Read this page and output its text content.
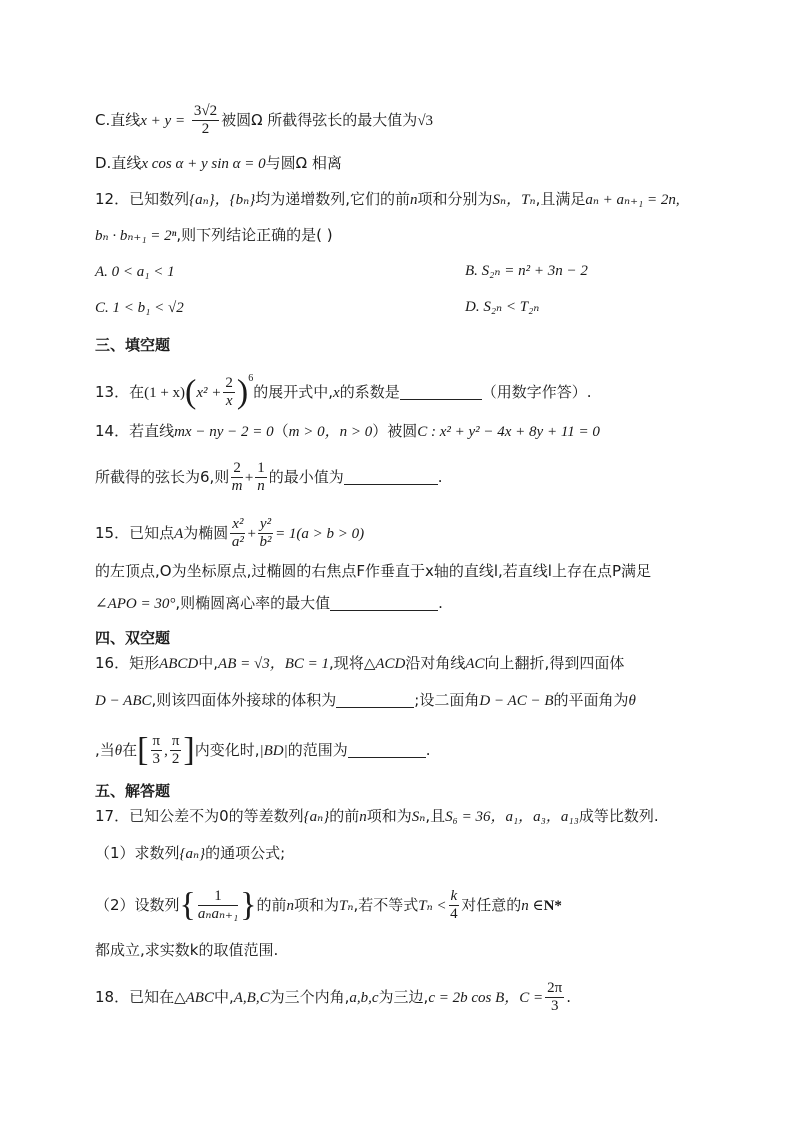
C.直线$x + y = \frac{3√2}{2}$ 被圆Ω 所截得弦长的最大值为√3
D.直线x cos α + y sin α = 0与圆Ω 相离
12．已知数列{aₙ}，{bₙ}均为递增数列,它们的前n项和分别为Sₙ，Tₙ,且满足aₙ + aₙ₊₁ = 2n,
bₙ · bₙ₊₁ = 2ⁿ,则下列结论正确的是( )
A. 0 < a₁ < 1	B. S₂ₙ = n² + 3n − 2
C. 1 < b₁ < √2	D. S₂ₙ < T₂ₙ
三、填空题
13．在$(1 + x)(x^2 + \frac{2}{x} )^6$的展开式中,x的系数是	（用数字作答）.
14．若直线mx − ny − 2 = 0（m > 0，n > 0）被圆C : x² + y² − 4x + 8y + 11 = 0
所截得的弦长为6,则 $\frac{2}{m} + \frac{1}{n}$ 的最小值为	.
15．已知点A为椭圆 $\frac{\text{x²}}{\text{a²}} + \frac{\text{y²}}{\text{b²}} = 1(a > b > 0)$
的左顶点,O为坐标原点,过椭圆的右焦点F作垂直于x轴的直线l,若直线l上存在点P满足
∠APO = 30°,则椭圆离心率的最大值	.
四、双空题
16．矩形ABCD中,AB = √3，BC = 1,现将△ACD沿对角线AC向上翻折,得到四面体
D − ABC,则该四面体外接球的体积为	;设二面角D − AC − B的平面角为θ
,当θ在[ $\frac{\pi}{3}$ , $\frac{\pi}{2}$ ]内变化时,|BD|的范围为	.
五、解答题
17．已知公差不为0的等差数列{aₙ}的前n项和为Sₙ,且S₆ = 36，a₁，a₃，a₁₃成等比数列.
（1）求数列{aₙ}的通项公式;
（2）设数列{ $\frac{1}{\text{aₙaₙ₊₁}}$ }的前n项和为Tₙ,若不等式$T_n < \frac{k}{4}$ 对任意的n ∈N*
都成立,求实数k的取值范围.
18．已知在△ABC中,A,B,C为三个内角,a,b,c为三边,c = 2b cos B，$C = \frac{2\pi}{3}$ .
